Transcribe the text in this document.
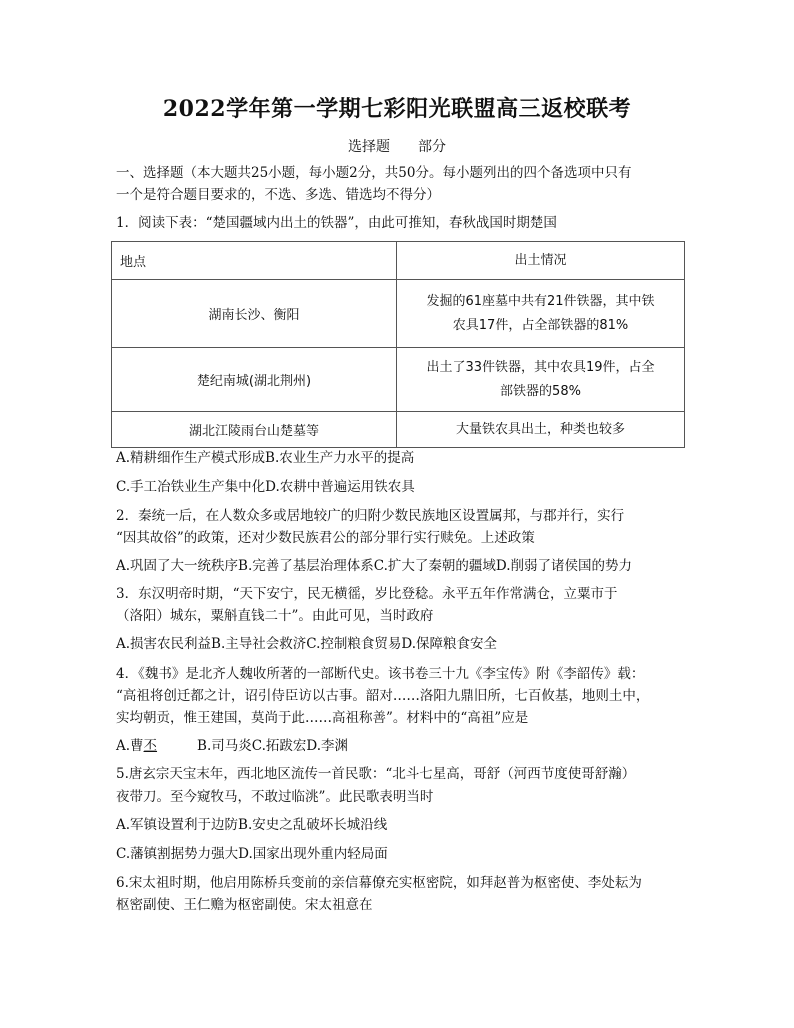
2022学年第一学期七彩阳光联盟高三返校联考
选择题 部分
一、选择题（本大题共25小题，每小题2分，共50分。每小题列出的四个备选项中只有
一个是符合题目要求的，不选、多选、错选均不得分）
1．阅读下表：“楚国疆域内出土的铁器”，由此可推知，春秋战国时期楚国
地点	出土情况
湖南长沙、衡阳	发掘的61座墓中共有21件铁器，其中铁
农具17件，占全部铁器的81%

楚纪南城(湖北荆州)	出土了33件铁器，其中农具19件，占全
部铁器的58%

湖北江陵雨台山楚墓等	大量铁农具出土，种类也较多
A.精耕细作生产模式形成B.农业生产力水平的提高
C.手工冶铁业生产集中化D.农耕中普遍运用铁农具
2．秦统一后，在人数众多或居地较广的归附少数民族地区设置属邦，与郡并行，实行
“因其故俗”的政策，还对少数民族君公的部分罪行实行赎免。上述政策
A.巩固了大一统秩序B.完善了基层治理体系C.扩大了秦朝的疆域D.削弱了诸侯国的势力
3．东汉明帝时期，“天下安宁，民无横徭，岁比登稔。永平五年作常满仓，立粟市于
（洛阳）城东，粟斛直钱二十”。由此可见，当时政府
A.损害农民利益B.主导社会救济C.控制粮食贸易D.保障粮食安全
4．《魏书》是北齐人魏收所著的一部断代史。该书卷三十九《李宝传》附《李韶传》载：
“高祖将创迁都之计，诏引侍臣访以古事。韶对……洛阳九鼎旧所，七百攸基，地则土中，
实均朝贡，惟王建国，莫尚于此……高祖称善”。材料中的“高祖”应是
A.曹丕	B.司马炎C.拓跋宏D.李渊
5.唐玄宗天宝末年，西北地区流传一首民歌：“北斗七星高，哥舒（河西节度使哥舒瀚）
夜带刀。至今窥牧马，不敢过临洮”。此民歌表明当时
A.军镇设置利于边防B.安史之乱破坏长城沿线
C.藩镇割据势力强大D.国家出现外重内轻局面
6.宋太祖时期，他启用陈桥兵变前的亲信幕僚充实枢密院，如拜赵普为枢密使、李处耘为
枢密副使、王仁赡为枢密副使。宋太祖意在
